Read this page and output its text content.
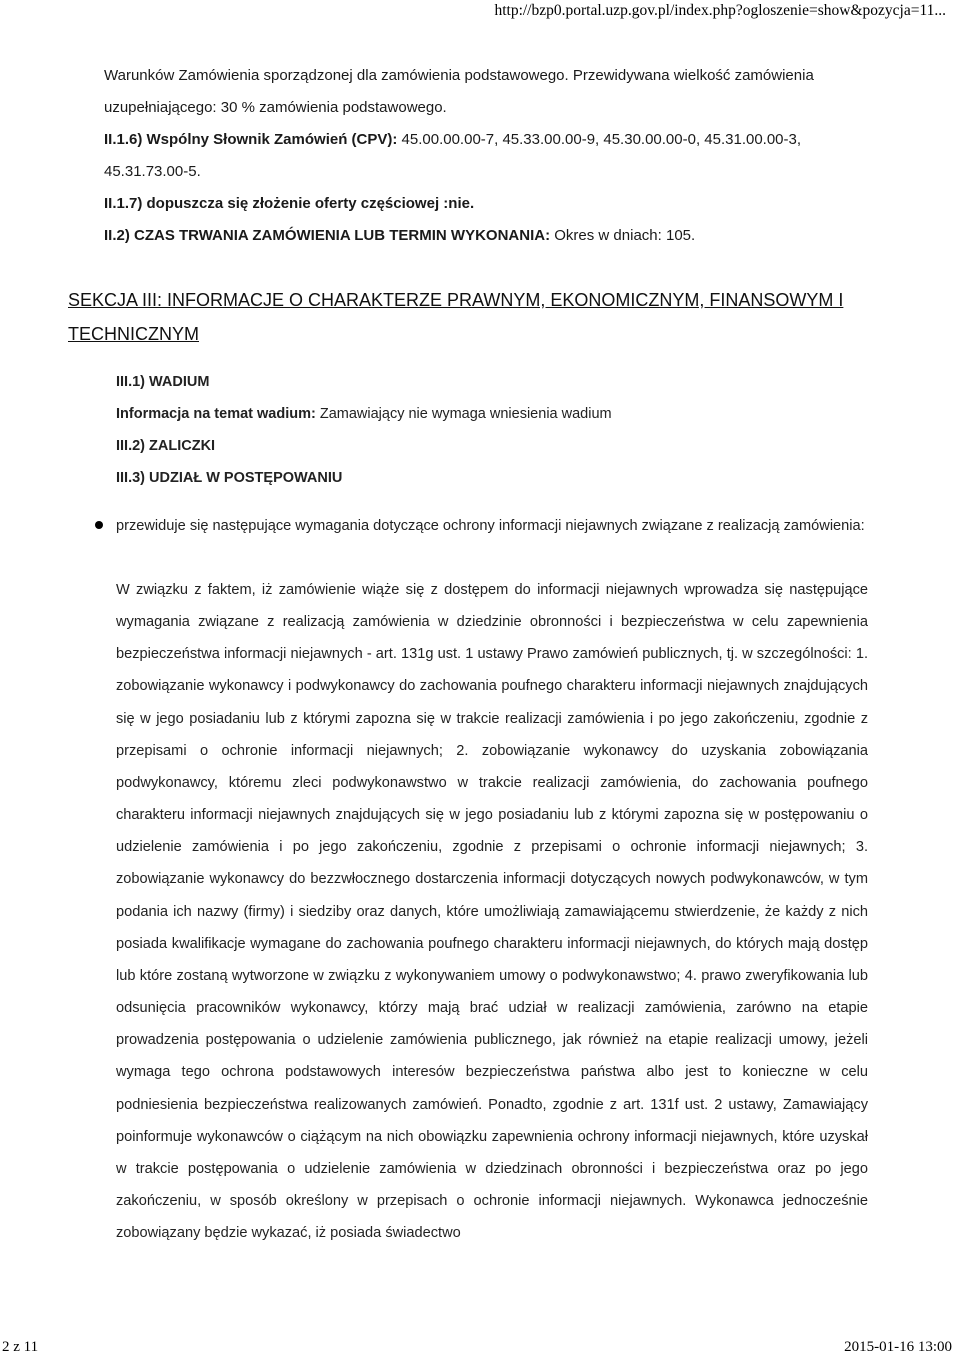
http://bzp0.portal.uzp.gov.pl/index.php?ogloszenie=show&pozycja=11...

Warunków Zamówienia sporządzonej dla zamówienia podstawowego. Przewidywana wielkość zamówienia uzupełniającego: 30 % zamówienia podstawowego.

II.1.6) Wspólny Słownik Zamówień (CPV): 45.00.00.00-7, 45.33.00.00-9, 45.30.00.00-0, 45.31.00.00-3, 45.31.73.00-5.

II.1.7) dopuszcza się złożenie oferty częściowej :nie.

II.2) CZAS TRWANIA ZAMÓWIENIA LUB TERMIN WYKONANIA: Okres w dniach: 105.

SEKCJA III: INFORMACJE O CHARAKTERZE PRAWNYM, EKONOMICZNYM, FINANSOWYM I TECHNICZNYM

III.1) WADIUM
Informacja na temat wadium: Zamawiający nie wymaga wniesienia wadium
III.2) ZALICZKI
III.3) UDZIAŁ W POSTĘPOWANIU

przewiduje się następujące wymagania dotyczące ochrony informacji niejawnych związane z realizacją zamówienia:

W związku z faktem, iż zamówienie wiąże się z dostępem do informacji niejawnych wprowadza się następujące wymagania związane z realizacją zamówienia w dziedzinie obronności i bezpieczeństwa w celu zapewnienia bezpieczeństwa informacji niejawnych - art. 131g ust. 1 ustawy Prawo zamówień publicznych, tj. w szczególności: 1. zobowiązanie wykonawcy i podwykonawcy do zachowania poufnego charakteru informacji niejawnych znajdujących się w jego posiadaniu lub z którymi zapozna się w trakcie realizacji zamówienia i po jego zakończeniu, zgodnie z przepisami o ochronie informacji niejawnych; 2. zobowiązanie wykonawcy do uzyskania zobowiązania podwykonawcy, któremu zleci podwykonawstwo w trakcie realizacji zamówienia, do zachowania poufnego charakteru informacji niejawnych znajdujących się w jego posiadaniu lub z którymi zapozna się w postępowaniu o udzielenie zamówienia i po jego zakończeniu, zgodnie z przepisami o ochronie informacji niejawnych; 3. zobowiązanie wykonawcy do bezzwłocznego dostarczenia informacji dotyczących nowych podwykonawców, w tym podania ich nazwy (firmy) i siedziby oraz danych, które umożliwiają zamawiającemu stwierdzenie, że każdy z nich posiada kwalifikacje wymagane do zachowania poufnego charakteru informacji niejawnych, do których mają dostęp lub które zostaną wytworzone w związku z wykonywaniem umowy o podwykonawstwo; 4. prawo zweryfikowania lub odsunięcia pracowników wykonawcy, którzy mają brać udział w realizacji zamówienia, zarówno na etapie prowadzenia postępowania o udzielenie zamówienia publicznego, jak również na etapie realizacji umowy, jeżeli wymaga tego ochrona podstawowych interesów bezpieczeństwa państwa albo jest to konieczne w celu podniesienia bezpieczeństwa realizowanych zamówień. Ponadto, zgodnie z art. 131f ust. 2 ustawy, Zamawiający poinformuje wykonawców o ciążącym na nich obowiązku zapewnienia ochrony informacji niejawnych, które uzyskał w trakcie postępowania o udzielenie zamówienia w dziedzinach obronności i bezpieczeństwa oraz po jego zakończeniu, w sposób określony w przepisach o ochronie informacji niejawnych. Wykonawca jednocześnie zobowiązany będzie wykazać, iż posiada świadectwo

2 z 11	2015-01-16 13:00
